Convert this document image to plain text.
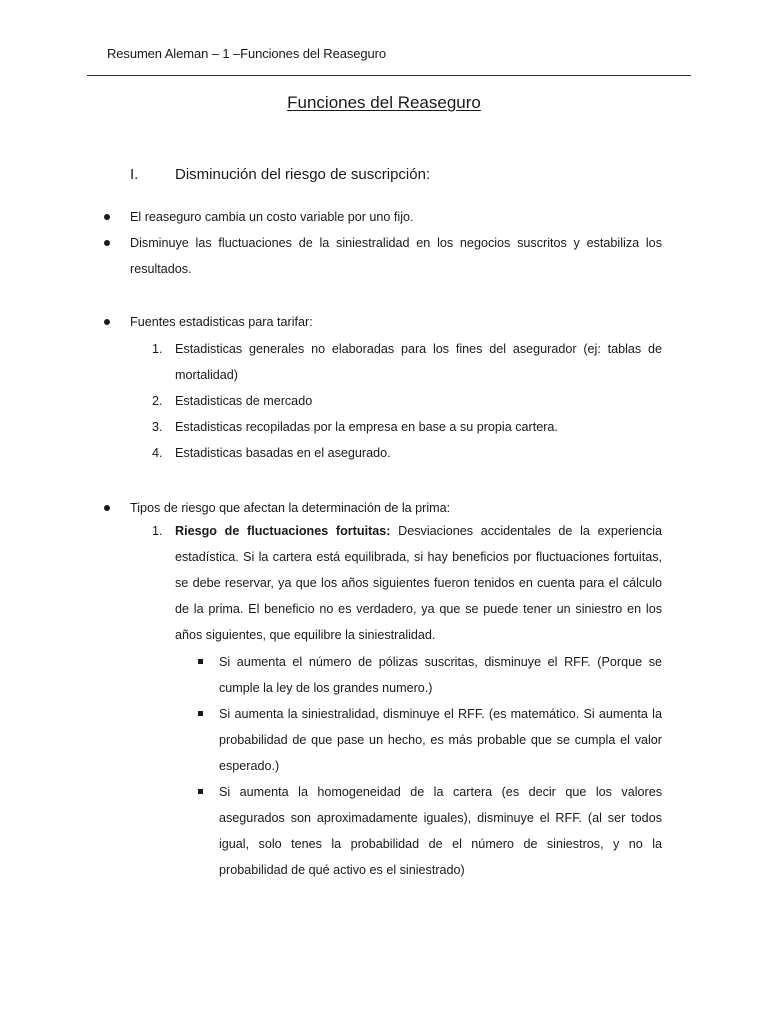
Resumen Aleman – 1 –Funciones del Reaseguro
Funciones del Reaseguro
I. Disminución del riesgo de suscripción:
El reaseguro cambia un costo variable por uno fijo.
Disminuye las fluctuaciones de la siniestralidad en los negocios suscritos y estabiliza los
resultados.
Fuentes estadisticas para tarifar:
1. Estadisticas generales no elaboradas para los fines del asegurador (ej: tablas de
mortalidad)
2. Estadisticas de mercado
3. Estadisticas recopiladas por la empresa en base a su propia cartera.
4. Estadisticas basadas en el asegurado.
Tipos de riesgo que afectan la determinación de la prima:
1. Riesgo de fluctuaciones fortuitas: Desviaciones accidentales de la experiencia
estadística. Si la cartera está equilibrada, si hay beneficios por fluctuaciones fortuitas,
se debe reservar, ya que los años siguientes fueron tenidos en cuenta para el cálculo
de la prima. El beneficio no es verdadero, ya que se puede tener un siniestro en los
años siguientes, que equilibre la siniestralidad.
Si aumenta el número de pólizas suscritas, disminuye el RFF. (Porque se
cumple la ley de los grandes numero.)
Si aumenta la siniestralidad, disminuye el RFF. (es matemático. Si aumenta la
probabilidad de que pase un hecho, es más probable que se cumpla el valor
esperado.)
Si aumenta la homogeneidad de la cartera (es decir que los valores
asegurados son aproximadamente iguales), disminuye el RFF. (al ser todos
igual, solo tenes la probabilidad de el número de siniestros, y no la
probabilidad de qué activo es el siniestrado)
